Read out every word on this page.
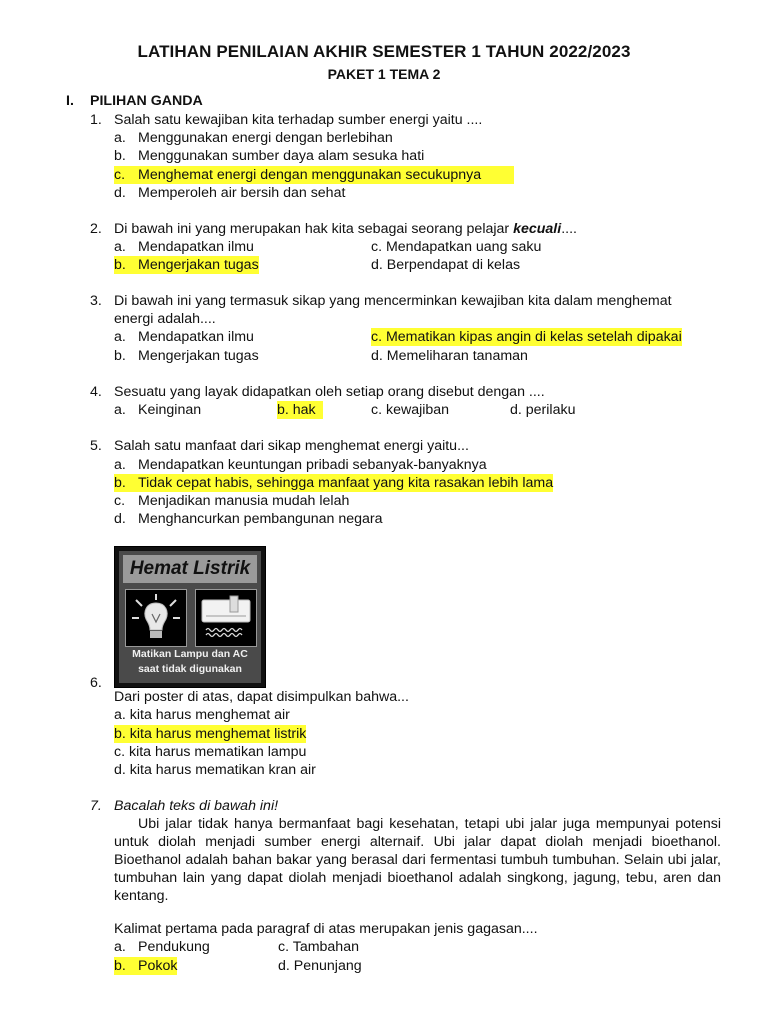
LATIHAN PENILAIAN AKHIR SEMESTER 1 TAHUN 2022/2023
PAKET 1 TEMA 2
I. PILIHAN GANDA
1. Salah satu kewajiban kita terhadap sumber energi yaitu ....
a. Menggunakan energi dengan berlebihan
b. Menggunakan sumber daya alam sesuka hati
c. Menghemat energi dengan menggunakan secukupnya
d. Memperoleh air bersih dan sehat
2. Di bawah ini yang merupakan hak kita sebagai seorang pelajar kecuali....
a. Mendapatkan ilmu	c. Mendapatkan uang saku
b. Mengerjakan tugas	d. Berpendapat di kelas
3. Di bawah ini yang termasuk sikap yang mencerminkan kewajiban kita dalam menghemat
energi adalah....
a. Mendapatkan ilmu	c. Mematikan kipas angin di kelas setelah dipakai
b. Mengerjakan tugas	d. Memeliharan tanaman
4. Sesuatu yang layak didapatkan oleh setiap orang disebut dengan ....
a. Keinginan	b. hak	c. kewajiban	d. perilaku
5. Salah satu manfaat dari sikap menghemat energi yaitu...
a. Mendapatkan keuntungan pribadi sebanyak-banyaknya
b. Tidak cepat habis, sehingga manfaat yang kita rasakan lebih lama
c. Menjadikan manusia mudah lelah
d. Menghancurkan pembangunan negara
Hemat Listrik
Matikan Lampu dan AC
saat tidak digunakan
6.
Dari poster di atas, dapat disimpulkan bahwa...
a. kita harus menghemat air
b. kita harus menghemat listrik
c. kita harus mematikan lampu
d. kita harus mematikan kran air
7. Bacalah teks di bawah ini!
Ubi jalar tidak hanya bermanfaat bagi kesehatan, tetapi ubi jalar juga mempunyai potensi untuk diolah menjadi sumber energi alternaif. Ubi jalar dapat diolah menjadi bioethanol. Bioethanol adalah bahan bakar yang berasal dari fermentasi tumbuh tumbuhan. Selain ubi jalar, tumbuhan lain yang dapat diolah menjadi bioethanol adalah singkong, jagung, tebu, aren dan kentang.
Kalimat pertama pada paragraf di atas merupakan jenis gagasan....
a. Pendukung	c. Tambahan
b. Pokok	d. Penunjang
